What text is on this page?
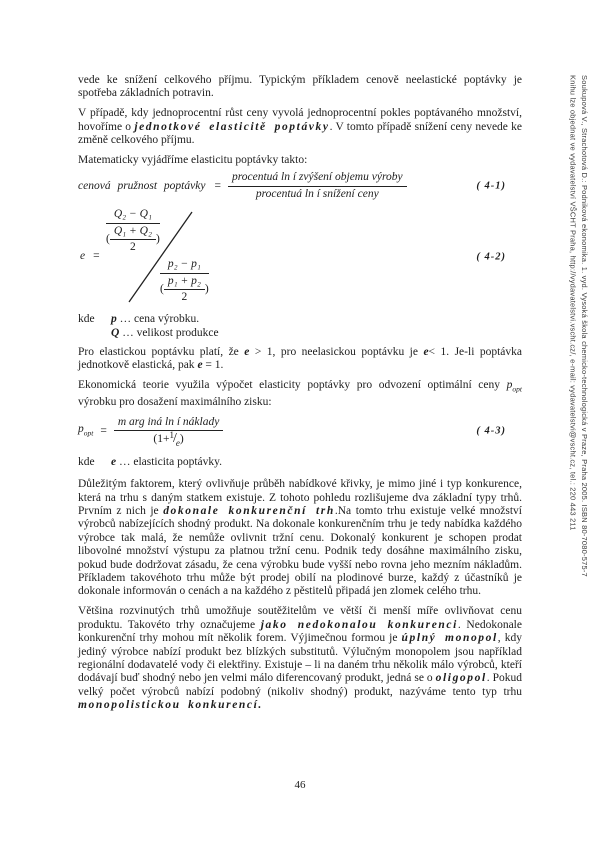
vede ke snížení celkového příjmu. Typickým příkladem cenově neelastické poptávky je spotřeba základních potravin.

V případě, kdy jednoprocentní růst ceny vyvolá jednoprocentní pokles poptávaného množství, hovoříme o jednotkové elasticitě poptávky. V tomto případě snížení ceny nevede ke změně celkového příjmu.

Matematicky vyjádříme elasticitu poptávky takto:

cenová pružnost poptávky = $\frac{\text{procentuá ln í zvýšení objemu výroby}}{\text{procentuá ln í snížení ceny}}$	( 4-1)
e =
$\frac{\text{Q₂ − Q₁}}{( \frac{\text{Q₁ + Q₂}}{2} )}$
$\frac{\text{p₂ − p₁}}{( \frac{\text{p₁ + p₂}}{2} )}$
( 4-2)
kde	p … cena výrobku.
Q … velikost produkce

Pro elastickou poptávku platí, že e > 1, pro neelasickou poptávku je e< 1. Je-li poptávka jednotkově elastická, pak e = 1.

Ekonomická teorie využila výpočet elasticity poptávky pro odvození optimální ceny $p_{opt}$ výrobku pro dosažení maximálního zisku:

$p_{opt} = \frac{\text{m arg iná ln í náklady}}{(1+^1/_e)}$	( 4-3)
kde	e … elasticita poptávky.

Důležitým faktorem, který ovlivňuje průběh nabídkové křivky, je mimo jiné i typ konkurence, která na trhu s daným statkem existuje. Z tohoto pohledu rozlišujeme dva základní typy trhů. Prvním z nich je dokonale konkurenční trh.Na tomto trhu existuje velké množství výrobců nabízejících shodný produkt. Na dokonale konkurenčním trhu je tedy nabídka každého výrobce tak malá, že nemůže ovlivnit tržní cenu. Dokonalý konkurent je schopen prodat libovolné množství výstupu za platnou tržní cenu. Podnik tedy dosáhne maximálního zisku, pokud bude dodržovat zásadu, že cena výrobku bude vyšší nebo rovna jeho mezním nákladům. Příkladem takovéhoto trhu může být prodej obilí na plodinové burze, každý z účastníků je dokonale informován o cenách a na každého z pěstitelů připadá jen zlomek celého trhu.

Většina rozvinutých trhů umožňuje soutěžitelům ve větší či menší míře ovlivňovat cenu produktu. Takovéto trhy označujeme jako nedokonalou konkurenci. Nedokonale konkurenční trhy mohou mít několik forem. Výjimečnou formou je úplný monopol, kdy jediný výrobce nabízí produkt bez blízkých substitutů. Výlučným monopolem jsou například regionální dodavatelé vody či elektřiny. Existuje – li na daném trhu několik málo výrobců, kteří dodávají buď shodný nebo jen velmi málo diferencovaný produkt, jedná se o oligopol. Pokud velký počet výrobců nabízí podobný (nikoliv shodný) produkt, nazýváme tento typ trhu monopolistickou konkurencí.

Soukupová V., Strachotová D.: Podniková ekonomika. 1. vyd. Vysoká škola chemicko-technologická v Praze, Praha 2005. ISBN 80-7080-575-7
Knihu lze objednat ve vydavatelství VŠCHT Praha, http://vydavatelstvi.vscht.cz/, e-mail: vydavatelstvi@vscht.cz, tel.: 220 443 211
46
